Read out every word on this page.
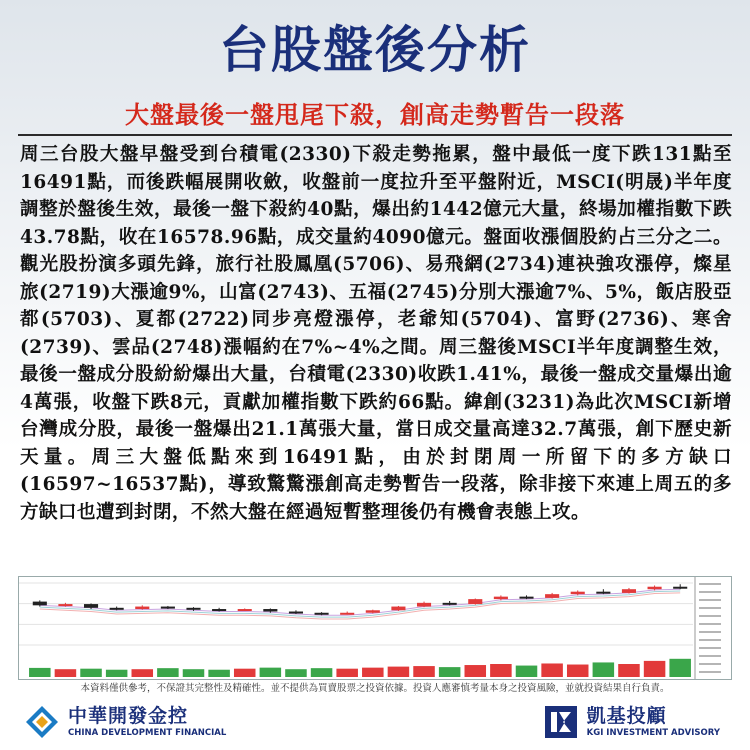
台股盤後分析
大盤最後一盤甩尾下殺，創高走勢暫告一段落
周三台股大盤早盤受到台積電(2330)下殺走勢拖累，盤中最低一度下跌131點至16491點，而後跌幅展開收斂，收盤前一度拉升至平盤附近，MSCI(明晟)半年度調整於盤後生效，最後一盤下殺約40點，爆出約1442億元大量，終場加權指數下跌43.78點，收在16578.96點，成交量約4090億元。盤面收漲個股約占三分之二。觀光股扮演多頭先鋒，旅行社股鳳凰(5706)、易飛網(2734)連袂強攻漲停，燦星旅(2719)大漲逾9%，山富(2743)、五福(2745)分別大漲逾7%、5%，飯店股亞都(5703)、夏都(2722)同步亮燈漲停，老爺知(5704)、富野(2736)、寒舍(2739)、雲品(2748)漲幅約在7%~4%之間。周三盤後MSCI半年度調整生效，最後一盤成分股紛紛爆出大量，台積電(2330)收跌1.41%，最後一盤成交量爆出逾4萬張，收盤下跌8元，貢獻加權指數下跌約66點。緯創(3231)為此次MSCI新增台灣成分股，最後一盤爆出21.1萬張大量，當日成交量高達32.7萬張，創下歷史新天量。周三大盤低點來到16491點，由於封閉周一所留下的多方缺口(16597~16537點)，導致驚驚漲創高走勢暫告一段落，除非接下來連上周五的多方缺口也遭到封閉，不然大盤在經過短暫整理後仍有機會表態上攻。
本資料僅供參考，不保證其完整性及精確性。並不提供為買賣股票之投資依據。投資人應審慎考量本身之投資風險，並就投資結果自行負責。
中華開發金控
CHINA DEVELOPMENT FINANCIAL
凱基投顧
KGI INVESTMENT ADVISORY
